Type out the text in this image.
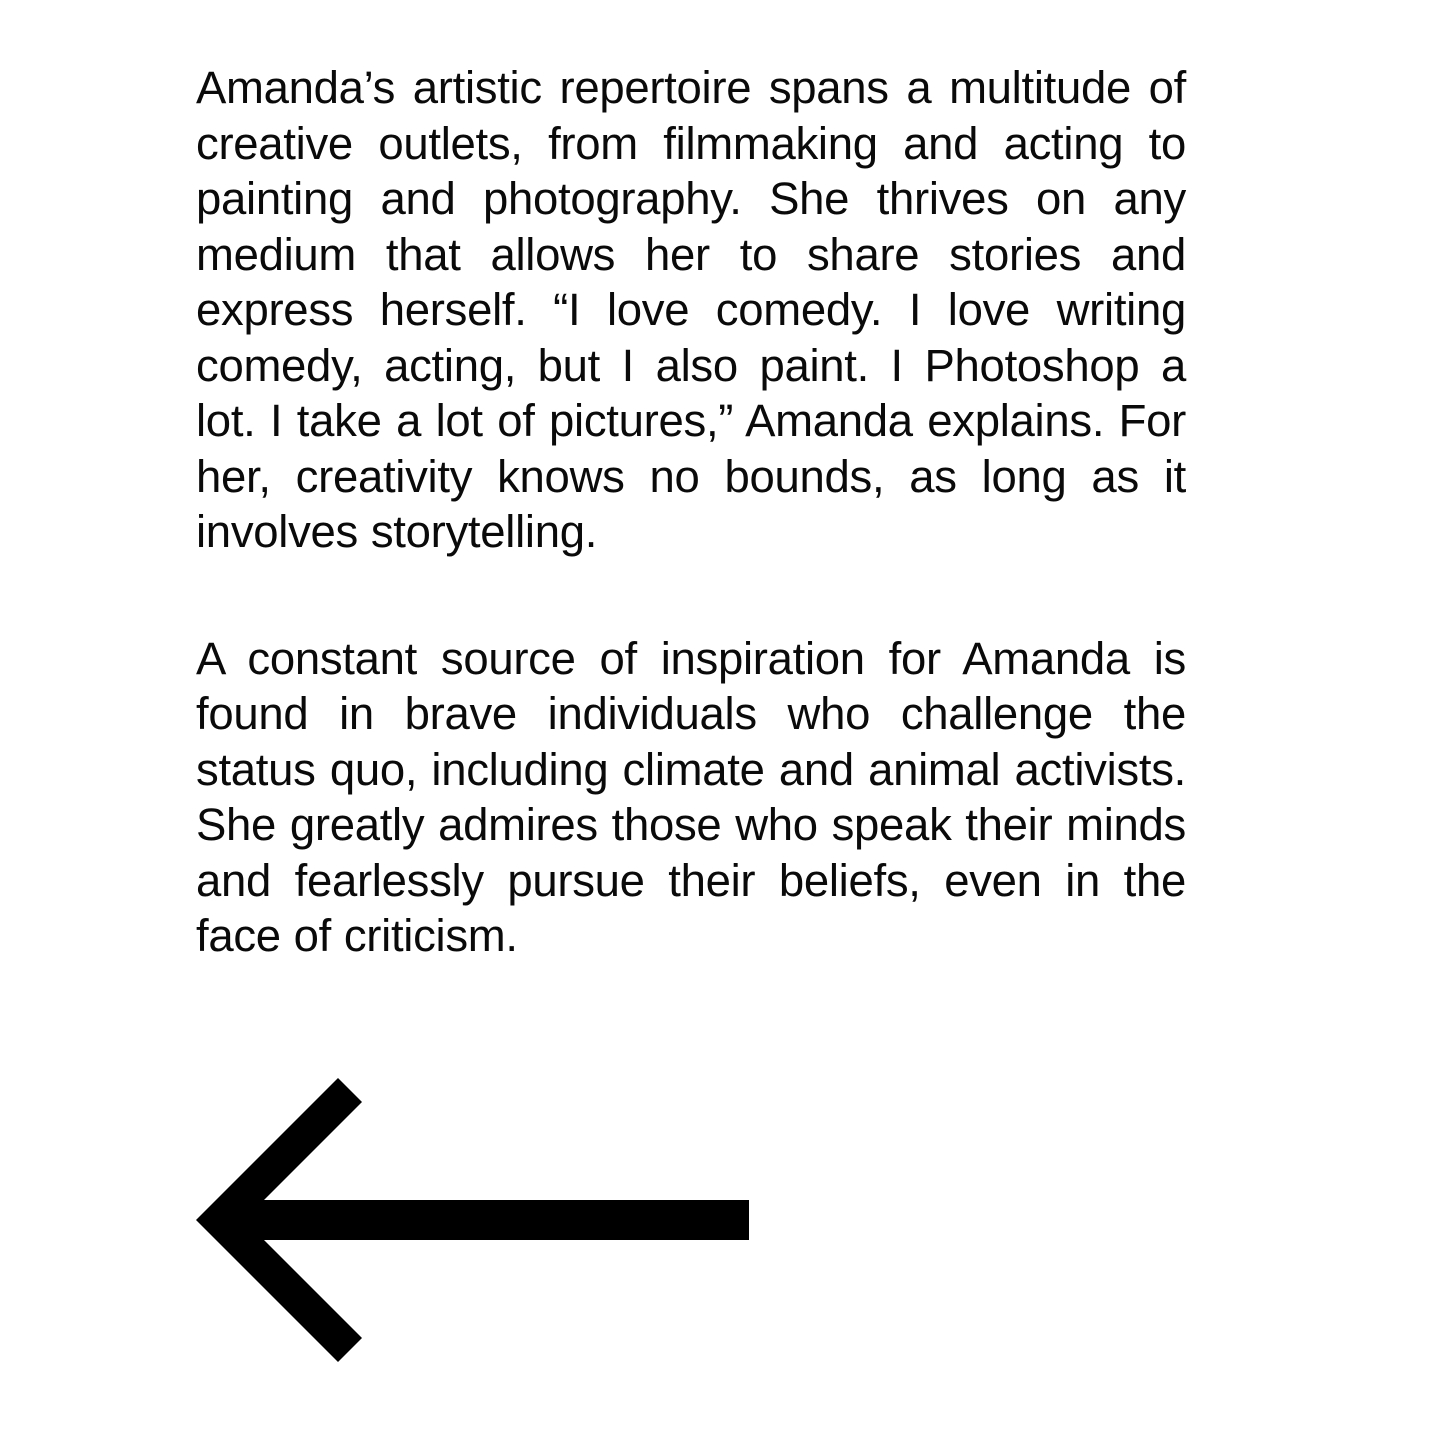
Amanda’s artistic repertoire spans a multitude of creative outlets, from filmmaking and acting to painting and photography. She thrives on any medium that allows her to share stories and express herself. “I love comedy. I love writing comedy, acting, but I also paint. I Photoshop a lot. I take a lot of pictures,” Amanda explains. For her, creativity knows no bounds, as long as it involves storytelling.

A constant source of inspiration for Amanda is found in brave individuals who challenge the status quo, including climate and animal activists. She greatly admires those who speak their minds and fearlessly pursue their beliefs, even in the face of criticism.
